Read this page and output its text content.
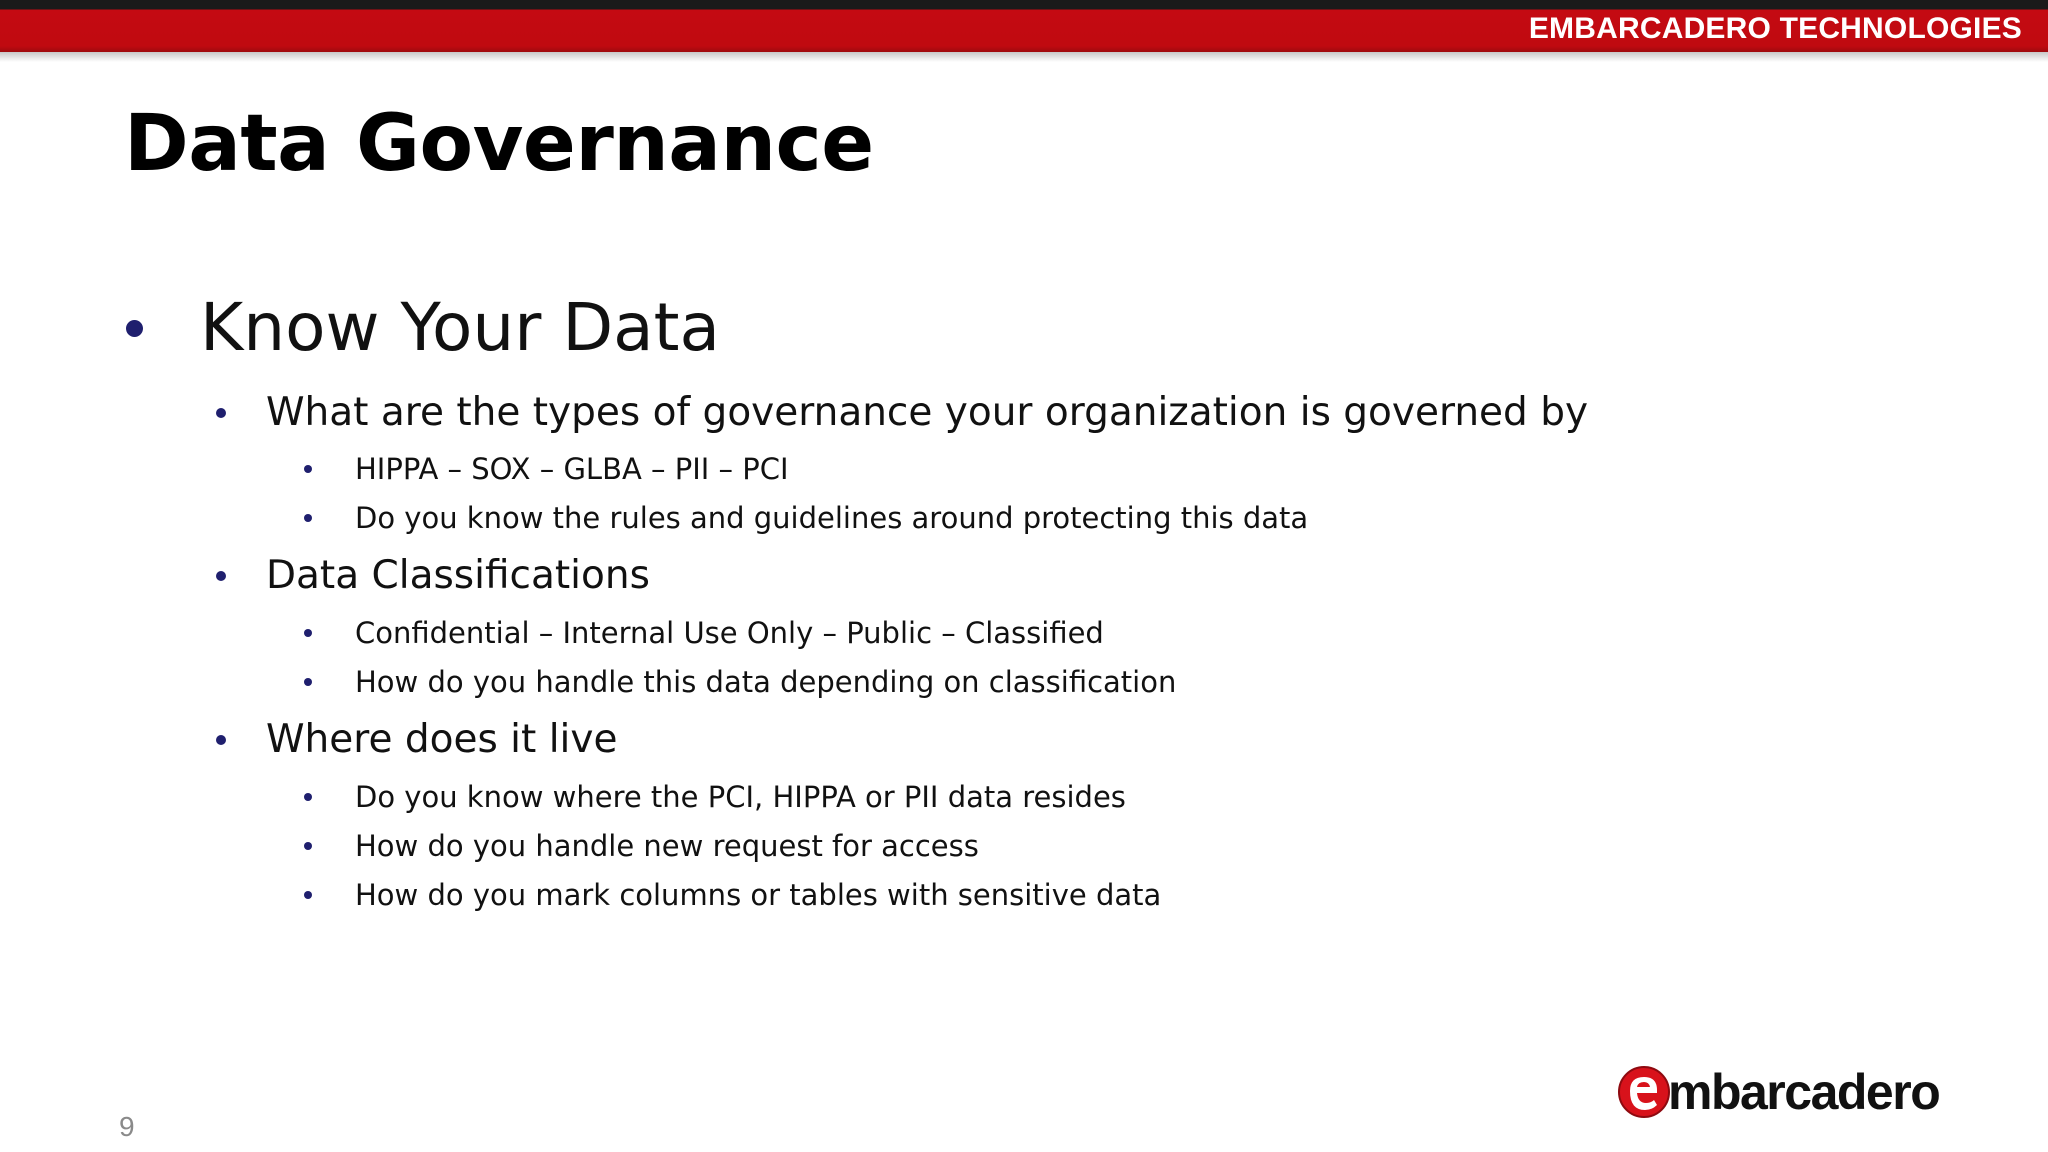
EMBARCADERO TECHNOLOGIES
Data Governance
Know Your Data
What are the types of governance your organization is governed by
HIPPA – SOX – GLBA – PII – PCI
Do you know the rules and guidelines around protecting this data
Data Classifications
Confidential – Internal Use Only – Public – Classified
How do you handle this data depending on classification
Where does it live
Do you know where the PCI, HIPPA or PII data resides
How do you handle new request for access
How do you mark columns or tables with sensitive data
9
mbarcadero
